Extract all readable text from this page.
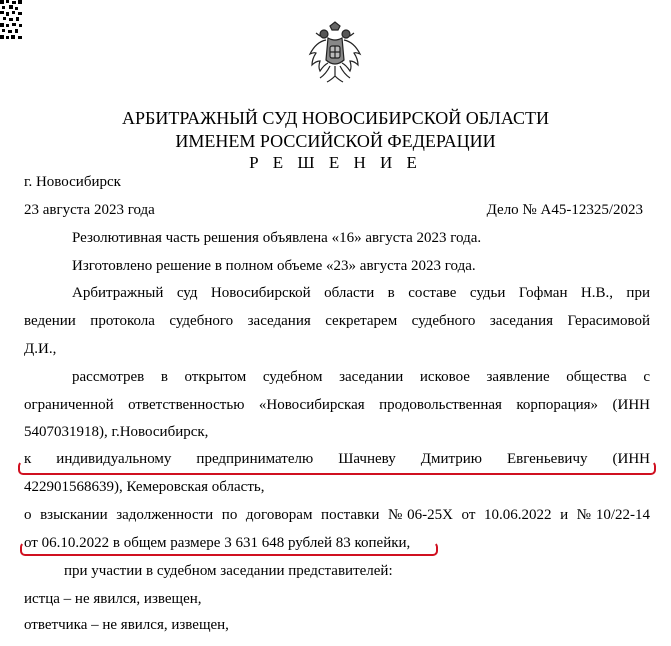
АРБИТРАЖНЫЙ СУД НОВОСИБИРСКОЙ ОБЛАСТИ
ИМЕНЕМ РОССИЙСКОЙ ФЕДЕРАЦИИ
Р Е Ш Е Н И Е
г. Новосибирск
23 августа 2023 года	Дело № А45-12325/2023
Резолютивная часть решения объявлена «16» августа 2023 года.
Изготовлено решение в полном объеме «23» августа 2023 года.
Арбитражный суд Новосибирской области в составе судьи Гофман Н.В., при
ведении протокола судебного заседания секретарем судебного заседания Герасимовой
Д.И.,
рассмотрев в открытом судебном заседании исковое заявление общества с
ограниченной ответственностью «Новосибирская продовольственная корпорация» (ИНН
5407031918), г.Новосибирск,
к индивидуальному предпринимателю Шачневу Дмитрию Евгеньевичу (ИНН
422901568639), Кемеровская область,
о взыскании задолженности по договорам поставки №06-25Х от 10.06.2022 и №10/22-14
от 06.10.2022 в общем размере 3 631 648 рублей 83 копейки,
при участии в судебном заседании представителей:
истца – не явился, извещен,
ответчика – не явился, извещен,
